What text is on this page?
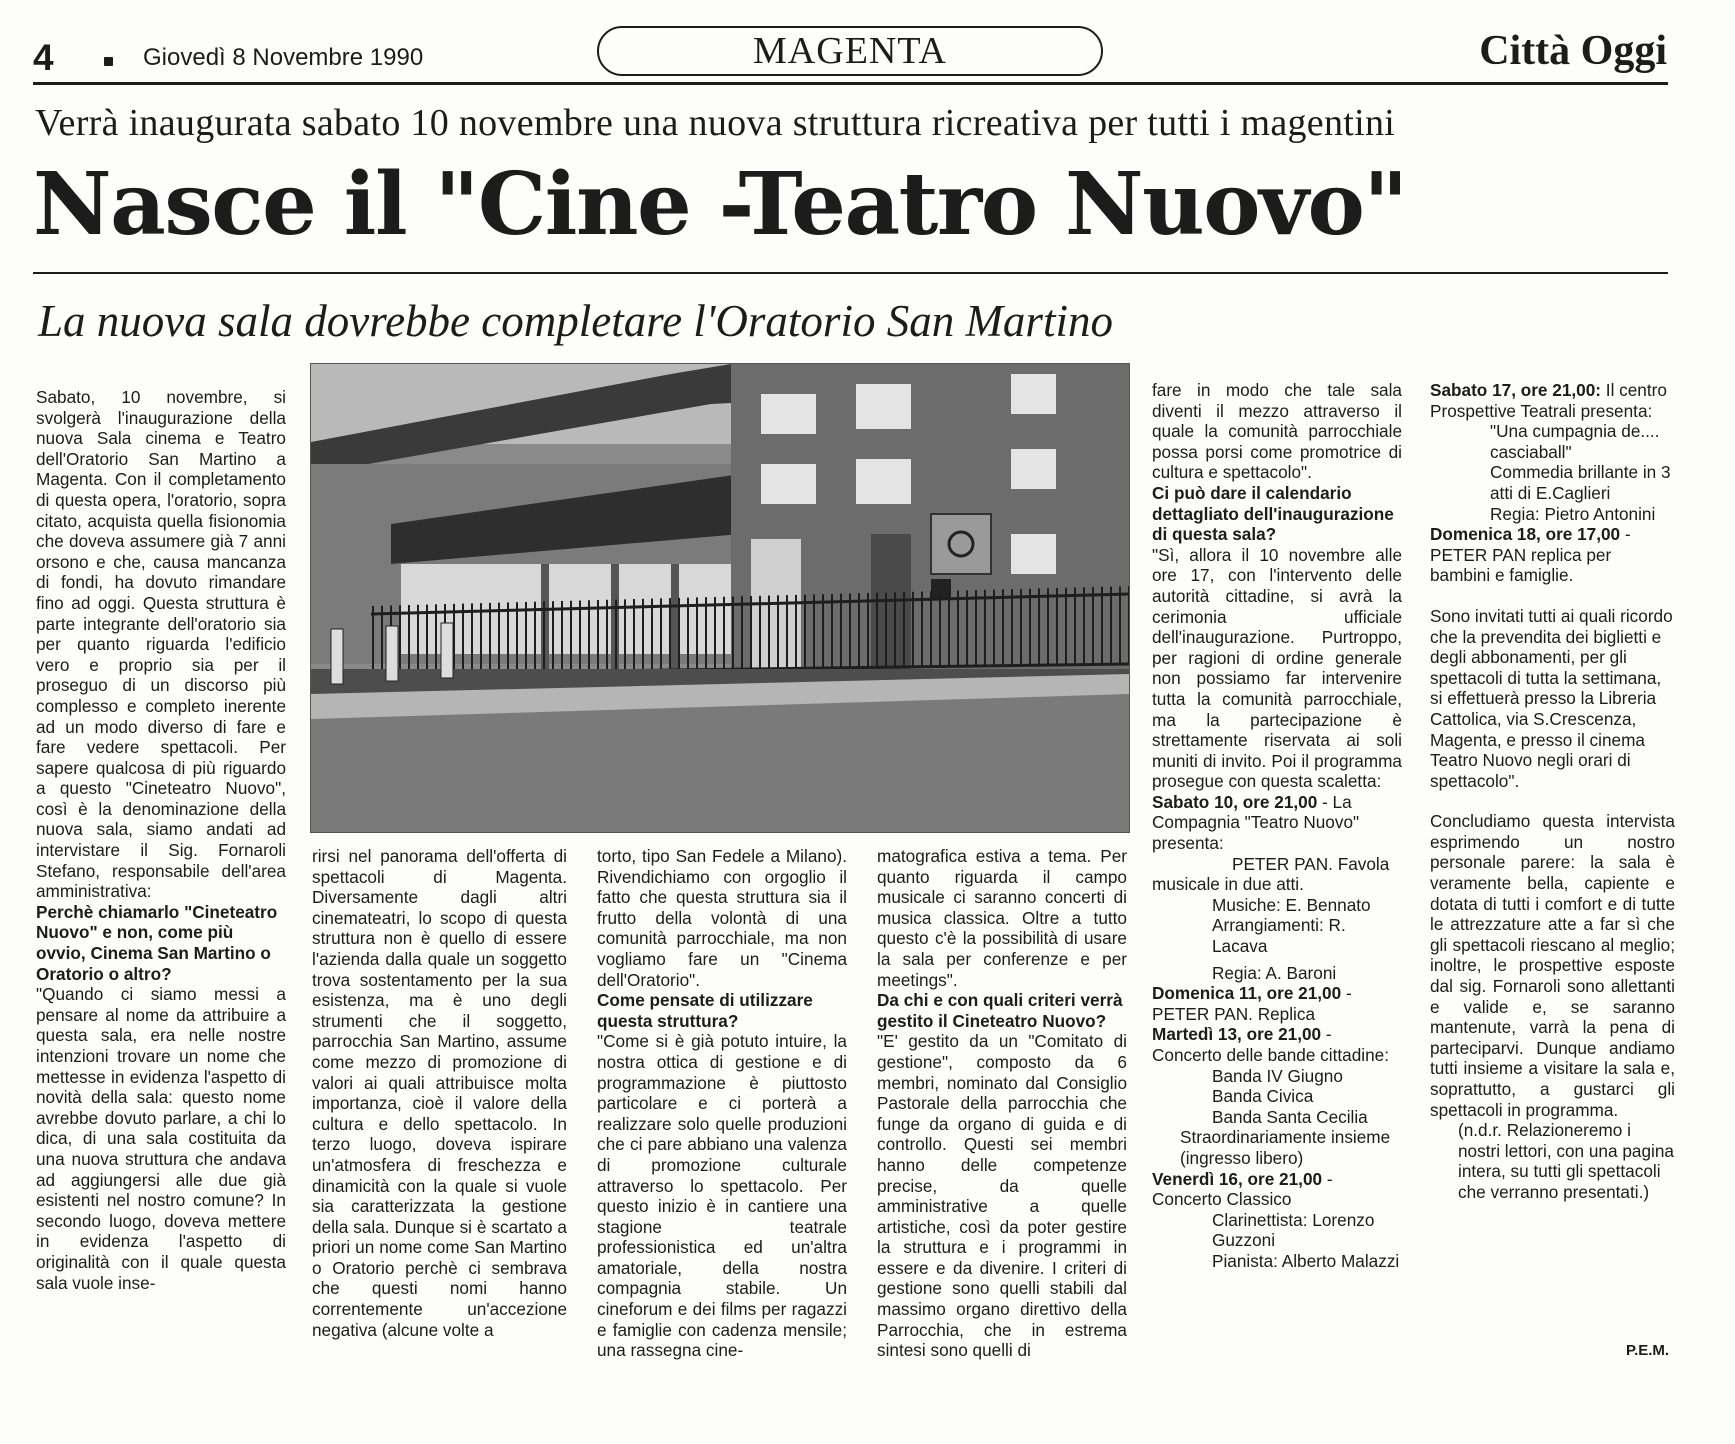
4	Giovedì 8 Novembre 1990	MAGENTA	Città Oggi
Verrà inaugurata sabato 10 novembre una nuova struttura ricreativa per tutti i magentini
Nasce il "Cine -Teatro Nuovo"
La nuova sala dovrebbe completare l'Oratorio San Martino

Sabato, 10 novembre, si svolgerà l'inaugurazione della nuova Sala cinema e Teatro dell'Oratorio San Martino a Magenta. Con il completamento di questa opera, l'oratorio, sopra citato, acquista quella fisionomia che doveva assumere già 7 anni orsono e che, causa mancanza di fondi, ha dovuto rimandare fino ad oggi. Questa struttura è parte integrante dell'oratorio sia per quanto riguarda l'edificio vero e proprio sia per il proseguo di un discorso più complesso e completo inerente ad un modo diverso di fare e fare vedere spettacoli. Per sapere qualcosa di più riguardo a questo "Cineteatro Nuovo", così è la denominazione della nuova sala, siamo andati ad intervistare il Sig. Fornaroli Stefano, responsabile dell'area amministrativa:

Perchè chiamarlo "Cineteatro Nuovo" e non, come più ovvio, Cinema San Martino o Oratorio o altro?

"Quando ci siamo messi a pensare al nome da attribuire a questa sala, era nelle nostre intenzioni trovare un nome che mettesse in evidenza l'aspetto di novità della sala: questo nome avrebbe dovuto parlare, a chi lo dica, di una sala costituita da una nuova struttura che andava ad aggiungersi alle due già esistenti nel nostro comune? In secondo luogo, doveva mettere in evidenza l'aspetto di originalità con il quale questa sala vuole inse-

rirsi nel panorama dell'offerta di spettacoli di Magenta. Diversamente dagli altri cinemateatri, lo scopo di questa struttura non è quello di essere l'azienda dalla quale un soggetto trova sostentamento per la sua esistenza, ma è uno degli strumenti che il soggetto, parrocchia San Martino, assume come mezzo di promozione di valori ai quali attribuisce molta importanza, cioè il valore della cultura e dello spettacolo. In terzo luogo, doveva ispirare un'atmosfera di freschezza e dinamicità con la quale si vuole sia caratterizzata la gestione della sala. Dunque si è scartato a priori un nome come San Martino o Oratorio perchè ci sembrava che questi nomi hanno correntemente un'accezione negativa (alcune volte a

torto, tipo San Fedele a Milano). Rivendichiamo con orgoglio il fatto che questa struttura sia il frutto della volontà di una comunità parrocchiale, ma non vogliamo fare un "Cinema dell'Oratorio".

Come pensate di utilizzare questa struttura?

"Come si è già potuto intuire, la nostra ottica di gestione e di programmazione è piuttosto particolare e ci porterà a realizzare solo quelle produzioni che ci pare abbiano una valenza di promozione culturale attraverso lo spettacolo. Per questo inizio è in cantiere una stagione teatrale professionistica ed un'altra amatoriale, della nostra compagnia stabile. Un cineforum e dei films per ragazzi e famiglie con cadenza mensile; una rassegna cine-

matografica estiva a tema. Per quanto riguarda il campo musicale ci saranno concerti di musica classica. Oltre a tutto questo c'è la possibilità di usare la sala per conferenze e per meetings".

Da chi e con quali criteri verrà gestito il Cineteatro Nuovo?

"E' gestito da un "Comitato di gestione", composto da 6 membri, nominato dal Consiglio Pastorale della parrocchia che funge da organo di guida e di controllo. Questi sei membri hanno delle competenze precise, da quelle amministrative a quelle artistiche, così da poter gestire la struttura e i programmi in essere e da divenire. I criteri di gestione sono quelli stabili dal massimo organo direttivo della Parrocchia, che in estrema sintesi sono quelli di

fare in modo che tale sala diventi il mezzo attraverso il quale la comunità parrocchiale possa porsi come promotrice di cultura e spettacolo".

Ci può dare il calendario dettagliato dell'inaugurazione di questa sala?

"Sì, allora il 10 novembre alle ore 17, con l'intervento delle autorità cittadine, si avrà la cerimonia ufficiale dell'inaugurazione. Purtroppo, per ragioni di ordine generale non possiamo far intervenire tutta la comunità parrocchiale, ma la partecipazione è strettamente riservata ai soli muniti di invito. Poi il programma prosegue con questa scaletta:

Sabato 10, ore 21,00 - La Compagnia "Teatro Nuovo" presenta:

PETER PAN. Favola

musicale in due atti.

Musiche: E. Bennato

Arrangiamenti: R. Lacava

Regia: A. Baroni

Domenica 11, ore 21,00 - PETER PAN. Replica

Martedì 13, ore 21,00 - Concerto delle bande cittadine:

Banda IV Giugno

Banda Civica

Banda Santa Cecilia

Straordinariamente insieme (ingresso libero)

Venerdì 16, ore 21,00 - Concerto Classico

Clarinettista: Lorenzo Guzzoni

Pianista: Alberto Malazzi

Sabato 17, ore 21,00: Il centro Prospettive Teatrali presenta:

"Una cumpagnia de.... casciaball"

Commedia brillante in 3 atti di E.Caglieri

Regia: Pietro Antonini

Domenica 18, ore 17,00 - PETER PAN replica per bambini e famiglie.

Sono invitati tutti ai quali ricordo che la prevendita dei biglietti e degli abbonamenti, per gli spettacoli di tutta la settimana, si effettuerà presso la Libreria Cattolica, via S.Crescenza, Magenta, e presso il cinema Teatro Nuovo negli orari di spettacolo".

Concludiamo questa intervista esprimendo un nostro personale parere: la sala è veramente bella, capiente e dotata di tutti i comfort e di tutte le attrezzature atte a far sì che gli spettacoli riescano al meglio; inoltre, le prospettive esposte dal sig. Fornaroli sono allettanti e valide e, se saranno mantenute, varrà la pena di parteciparvi. Dunque andiamo tutti insieme a visitare la sala e, soprattutto, a gustarci gli spettacoli in programma.

(n.d.r. Relazioneremo i nostri lettori, con una pagina intera, su tutti gli spettacoli che verranno presentati.)

P.E.M.
